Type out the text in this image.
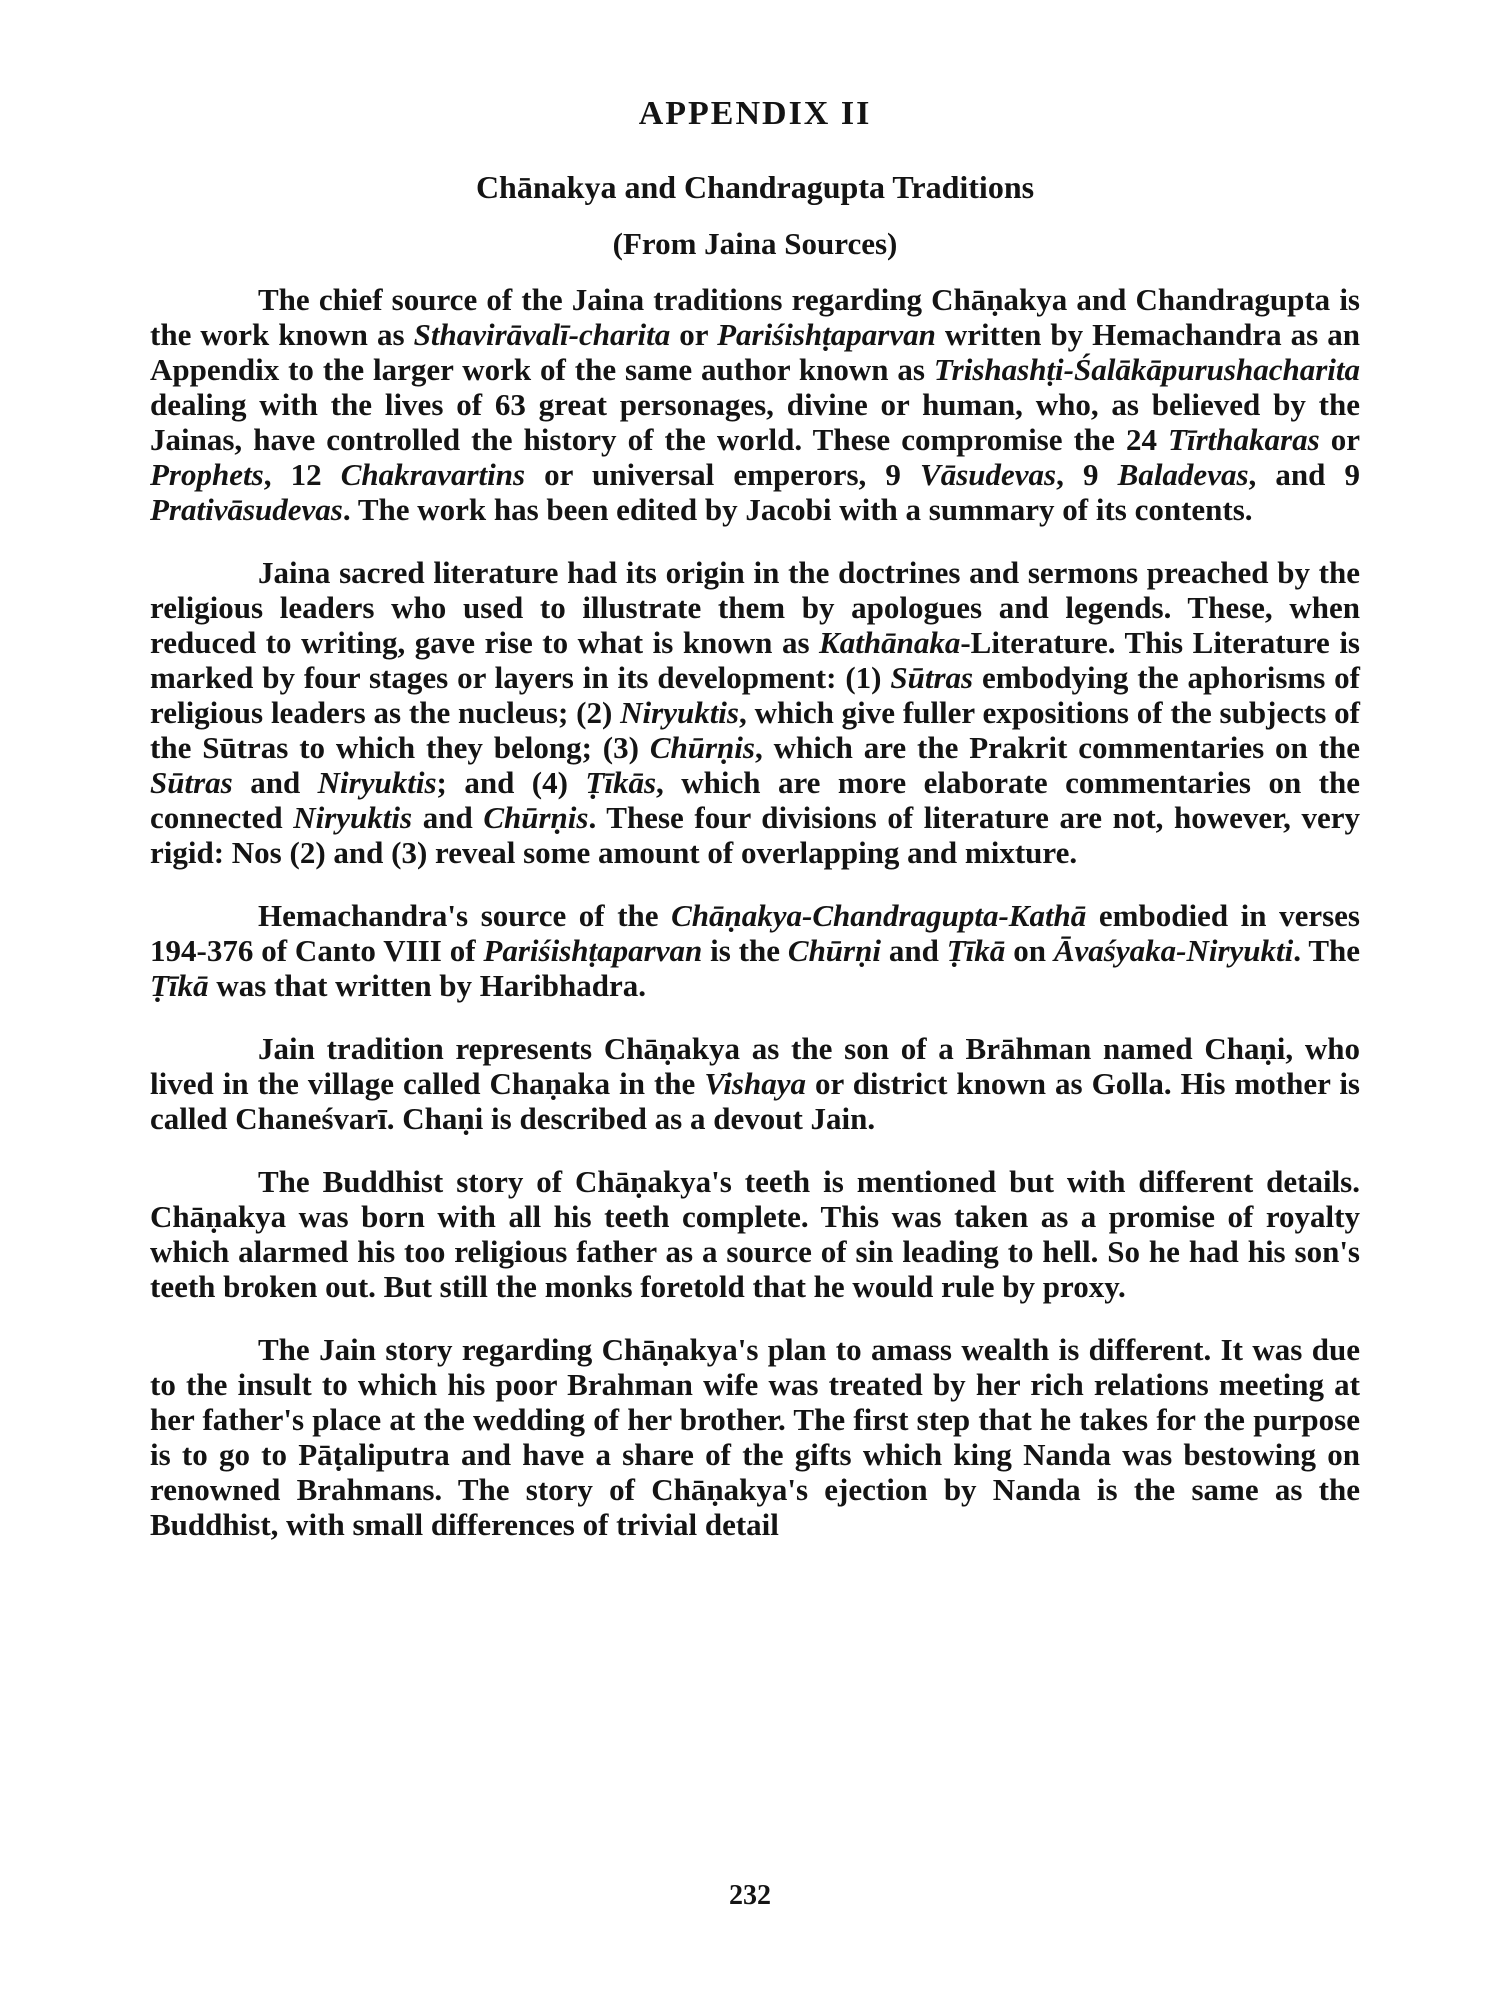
APPENDIX II
Chānakya and Chandragupta Traditions
(From Jaina Sources)

The chief source of the Jaina traditions regarding Chāṇakya and Chandragupta is the work known as Sthavirāvalī-charita or Pariśishṭaparvan written by Hemachandra as an Appendix to the larger work of the same author known as Trishashṭi-Śalākāpurushacharita dealing with the lives of 63 great personages, divine or human, who, as believed by the Jainas, have controlled the history of the world. These compromise the 24 Tīrthakaras or Prophets, 12 Chakravartins or universal emperors, 9 Vāsudevas, 9 Baladevas, and 9 Prativāsudevas. The work has been edited by Jacobi with a summary of its contents.

Jaina sacred literature had its origin in the doctrines and sermons preached by the religious leaders who used to illustrate them by apologues and legends. These, when reduced to writing, gave rise to what is known as Kathānaka-Literature. This Literature is marked by four stages or layers in its development: (1) Sūtras embodying the aphorisms of religious leaders as the nucleus; (2) Niryuktis, which give fuller expositions of the subjects of the Sūtras to which they belong; (3) Chūrṇis, which are the Prakrit commentaries on the Sūtras and Niryuktis; and (4) Ṭīkās, which are more elaborate commentaries on the connected Niryuktis and Chūrṇis. These four divisions of literature are not, however, very rigid: Nos (2) and (3) reveal some amount of overlapping and mixture.

Hemachandra's source of the Chāṇakya-Chandragupta-Kathā embodied in verses 194-376 of Canto VIII of Pariśishṭaparvan is the Chūrṇi and Ṭīkā on Āvaśyaka-Niryukti. The Ṭīkā was that written by Haribhadra.

Jain tradition represents Chāṇakya as the son of a Brāhman named Chaṇi, who lived in the village called Chaṇaka in the Vishaya or district known as Golla. His mother is called Chaneśvarī. Chaṇi is described as a devout Jain.

The Buddhist story of Chāṇakya's teeth is mentioned but with different details. Chāṇakya was born with all his teeth complete. This was taken as a promise of royalty which alarmed his too religious father as a source of sin leading to hell. So he had his son's teeth broken out. But still the monks foretold that he would rule by proxy.

The Jain story regarding Chāṇakya's plan to amass wealth is different. It was due to the insult to which his poor Brahman wife was treated by her rich relations meeting at her father's place at the wedding of her brother. The first step that he takes for the purpose is to go to Pāṭaliputra and have a share of the gifts which king Nanda was bestowing on renowned Brahmans. The story of Chāṇakya's ejection by Nanda is the same as the Buddhist, with small differences of trivial detail

232
